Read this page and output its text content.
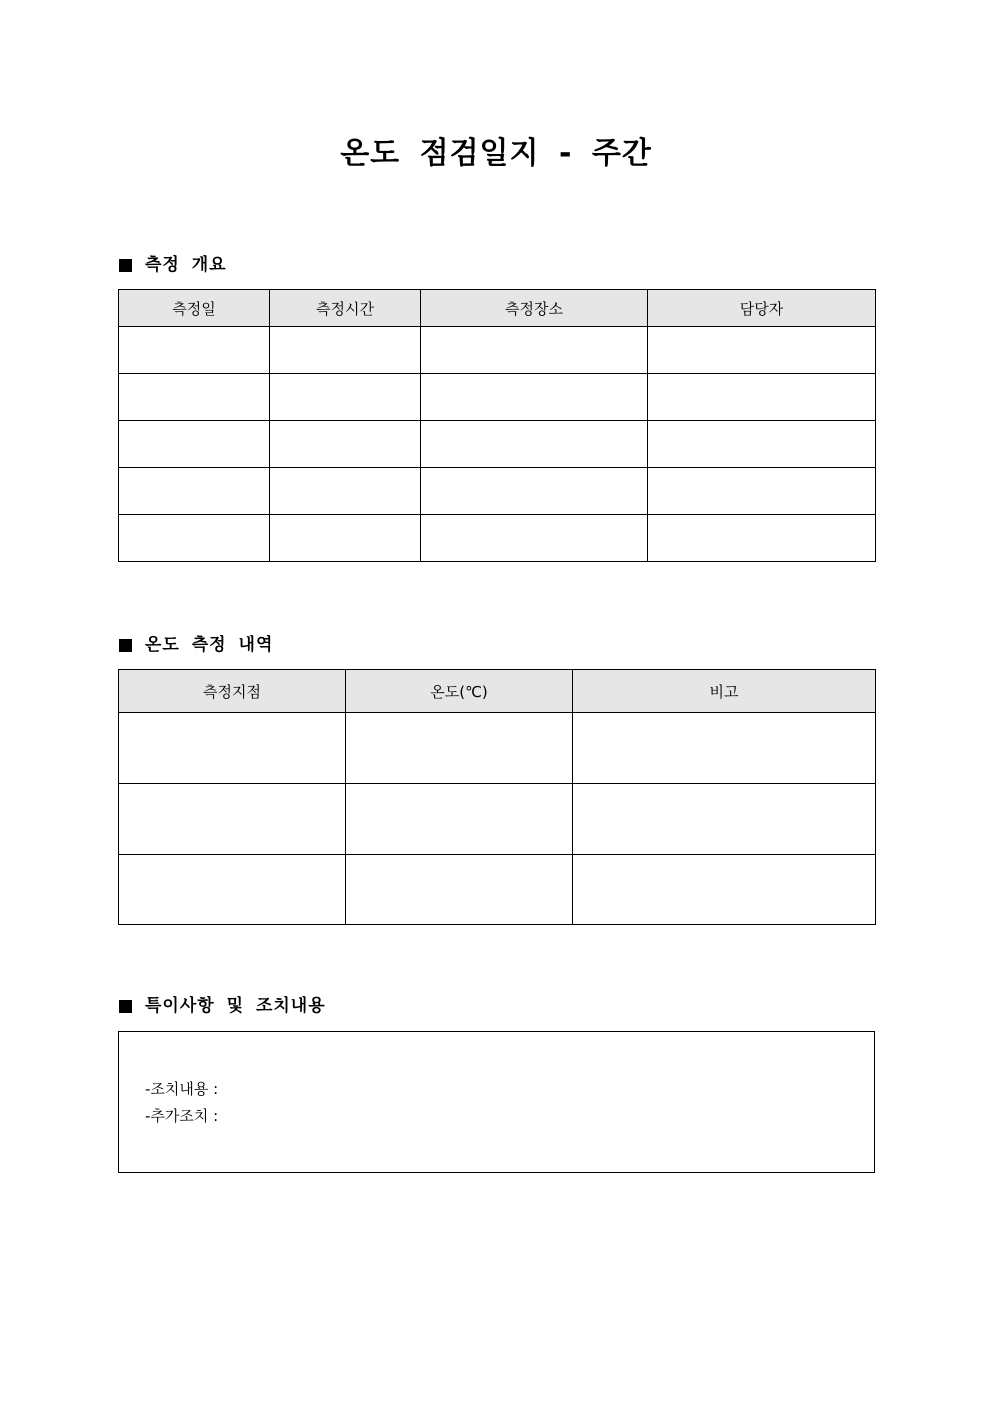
온도 점검일지 - 주간
측정 개요
측정일	측정시간	측정장소	담당자

온도 측정 내역
측정지점	온도(℃)	비고

특이사항 및 조치내용
-조치내용 :
-추가조치 :
